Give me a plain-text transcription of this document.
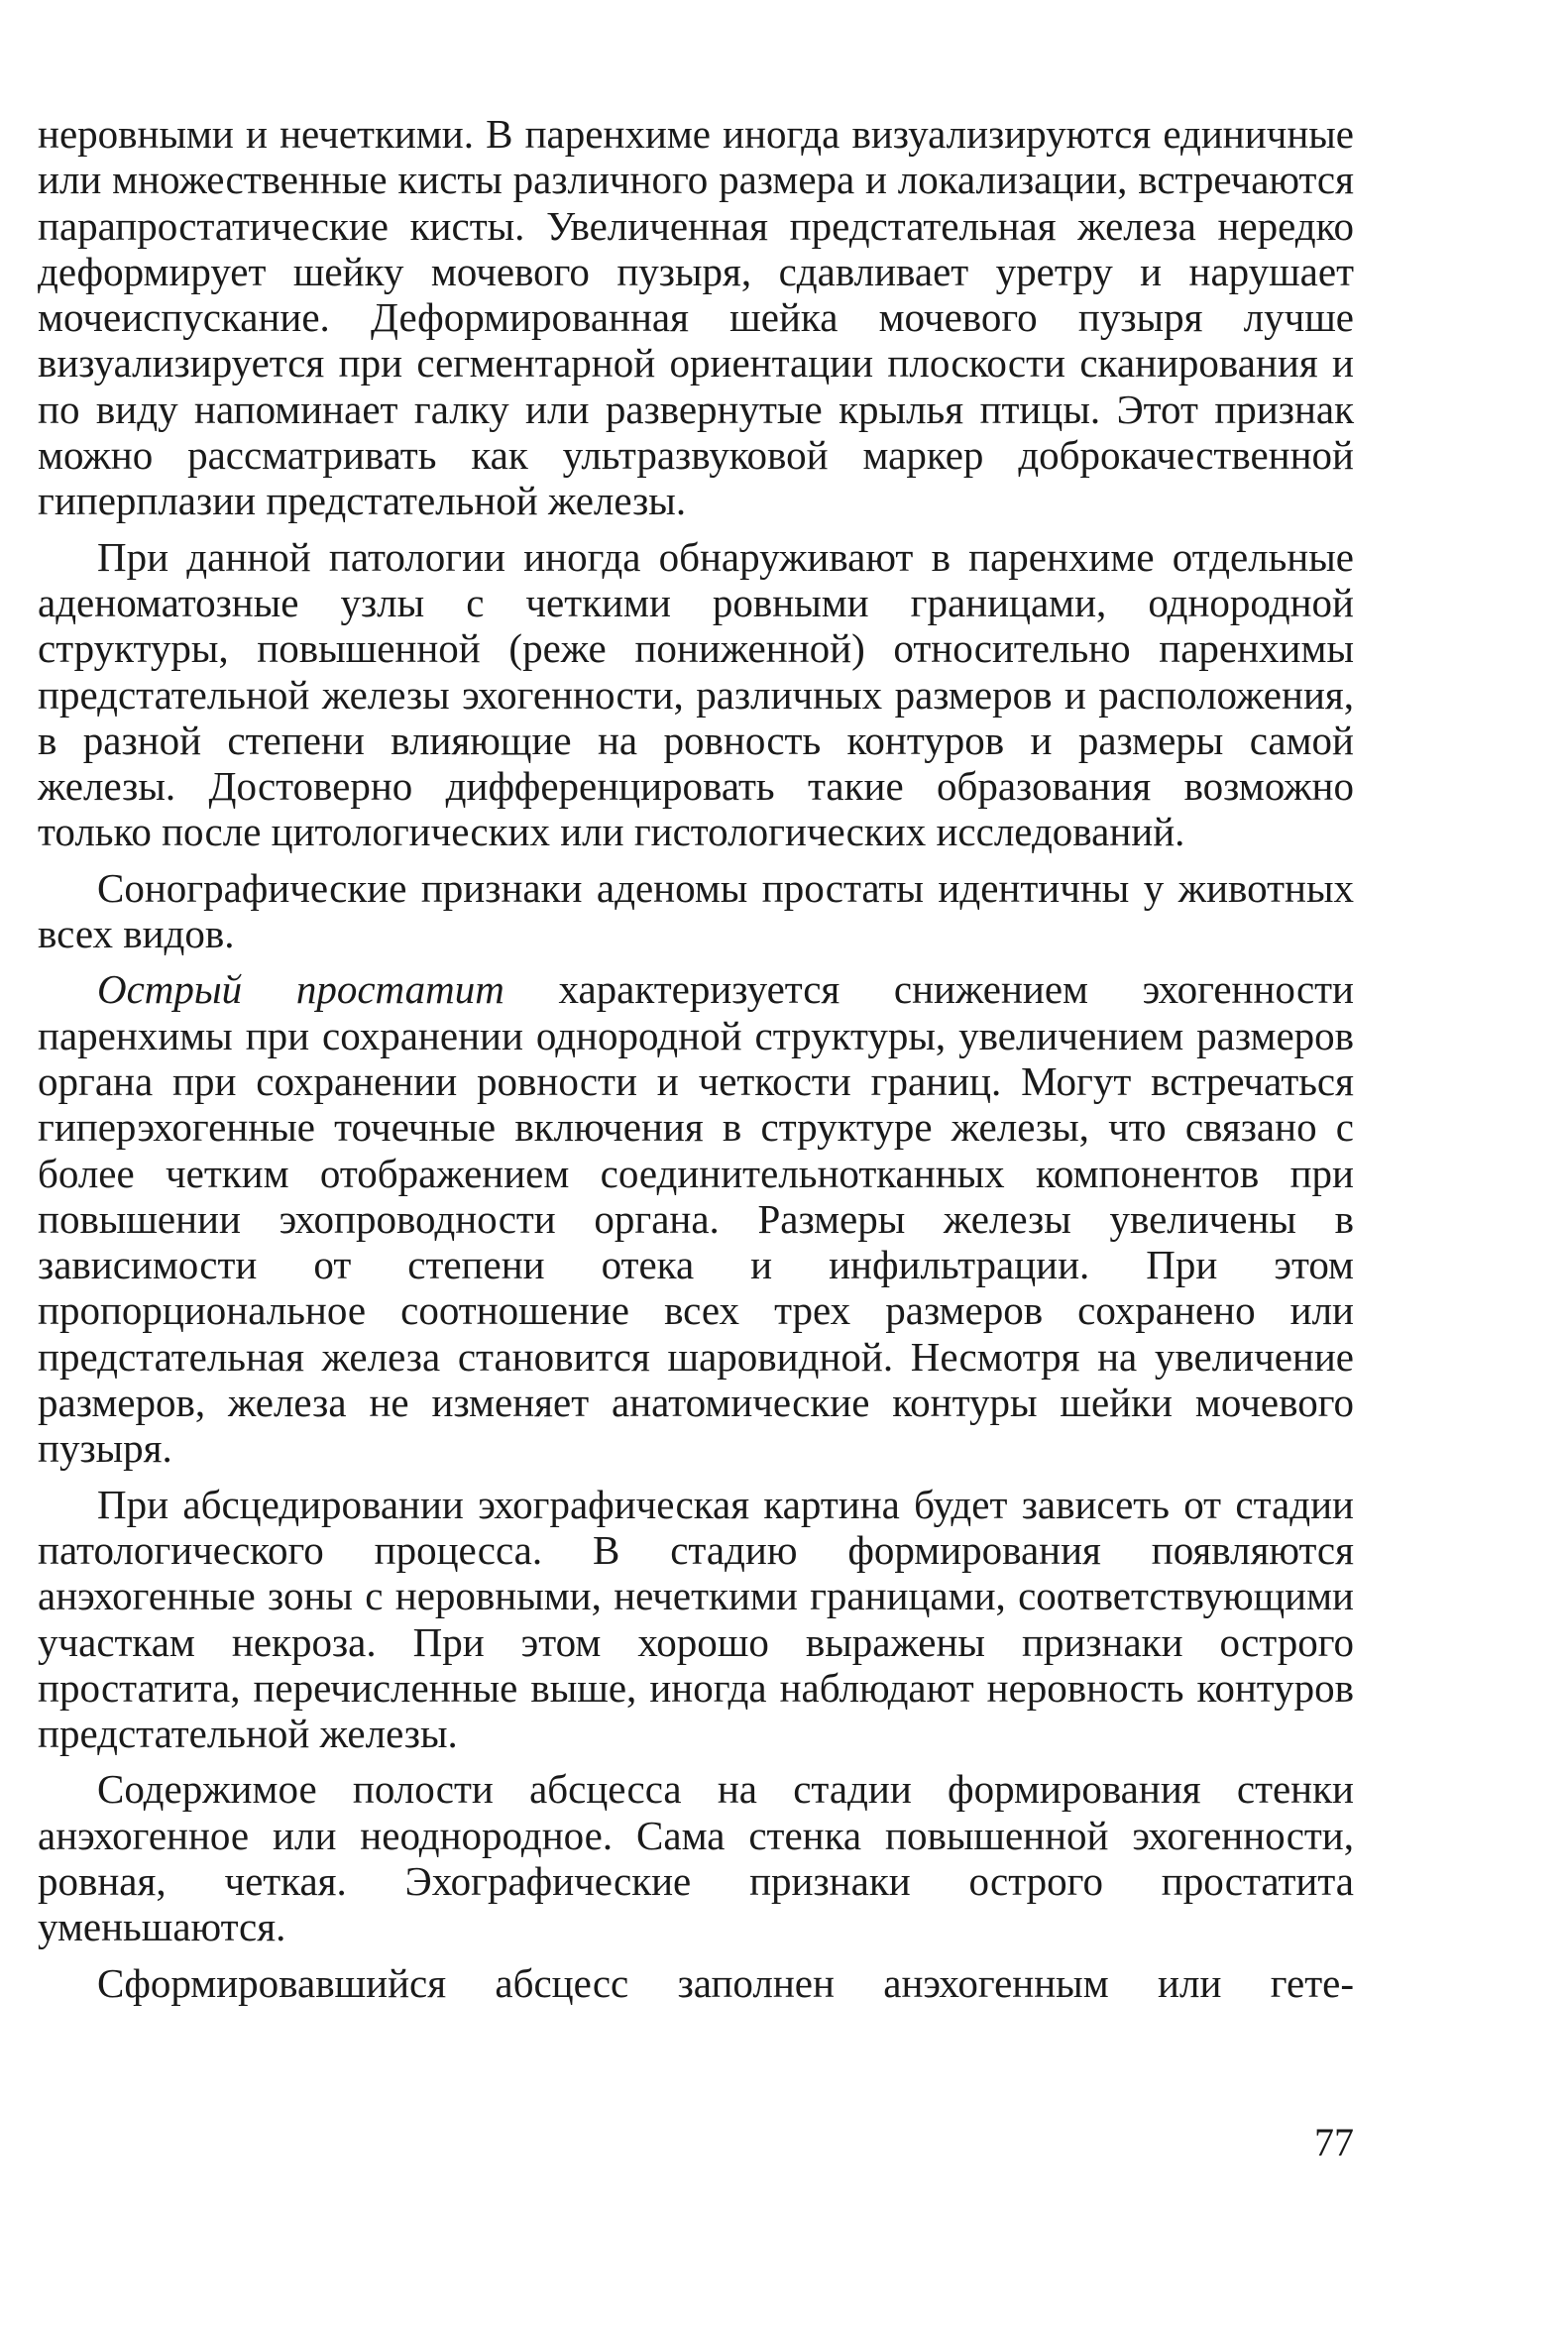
неровными и нечеткими. В паренхиме иногда визуализируются единичные или множественные кисты различного размера и локализации, встречаются парапростатические кисты. Увеличенная предстательная железа нередко деформирует шейку мочевого пузыря, сдавливает уретру и нарушает мочеиспускание. Деформированная шейка мочевого пузыря лучше визуализируется при сегментарной ориентации плоскости сканирования и по виду напоминает галку или развернутые крылья птицы. Этот признак можно рассматривать как ультразвуковой маркер доброкачественной гиперплазии предстательной железы.

При данной патологии иногда обнаруживают в паренхиме отдельные аденоматозные узлы с четкими ровными границами, однородной структуры, повышенной (реже пониженной) относительно паренхимы предстательной железы эхогенности, различных размеров и расположения, в разной степени влияющие на ровность контуров и размеры самой железы. Достоверно дифференцировать такие образования возможно только после цитологических или гистологических исследований.

Сонографические признаки аденомы простаты идентичны у животных всех видов.

Острый простатит характеризуется снижением эхогенности паренхимы при сохранении однородной структуры, увеличением размеров органа при сохранении ровности и четкости границ. Могут встречаться гиперэхогенные точечные включения в структуре железы, что связано с более четким отображением соединительнотканных компонентов при повышении эхопроводности органа. Размеры железы увеличены в зависимости от степени отека и инфильтрации. При этом пропорциональное соотношение всех трех размеров сохранено или предстательная железа становится шаровидной. Несмотря на увеличение размеров, железа не изменяет анатомические контуры шейки мочевого пузыря.

При абсцедировании эхографическая картина будет зависеть от стадии патологического процесса. В стадию формирования появляются анэхогенные зоны с неровными, нечеткими границами, соответствующими участкам некроза. При этом хорошо выражены признаки острого простатита, перечисленные выше, иногда наблюдают неровность контуров предстательной железы.

Содержимое полости абсцесса на стадии формирования стенки анэхогенное или неоднородное. Сама стенка повышенной эхогенности, ровная, четкая. Эхографические признаки острого простатита уменьшаются.

Сформировавшийся абсцесс заполнен анэхогенным или гете-

77
